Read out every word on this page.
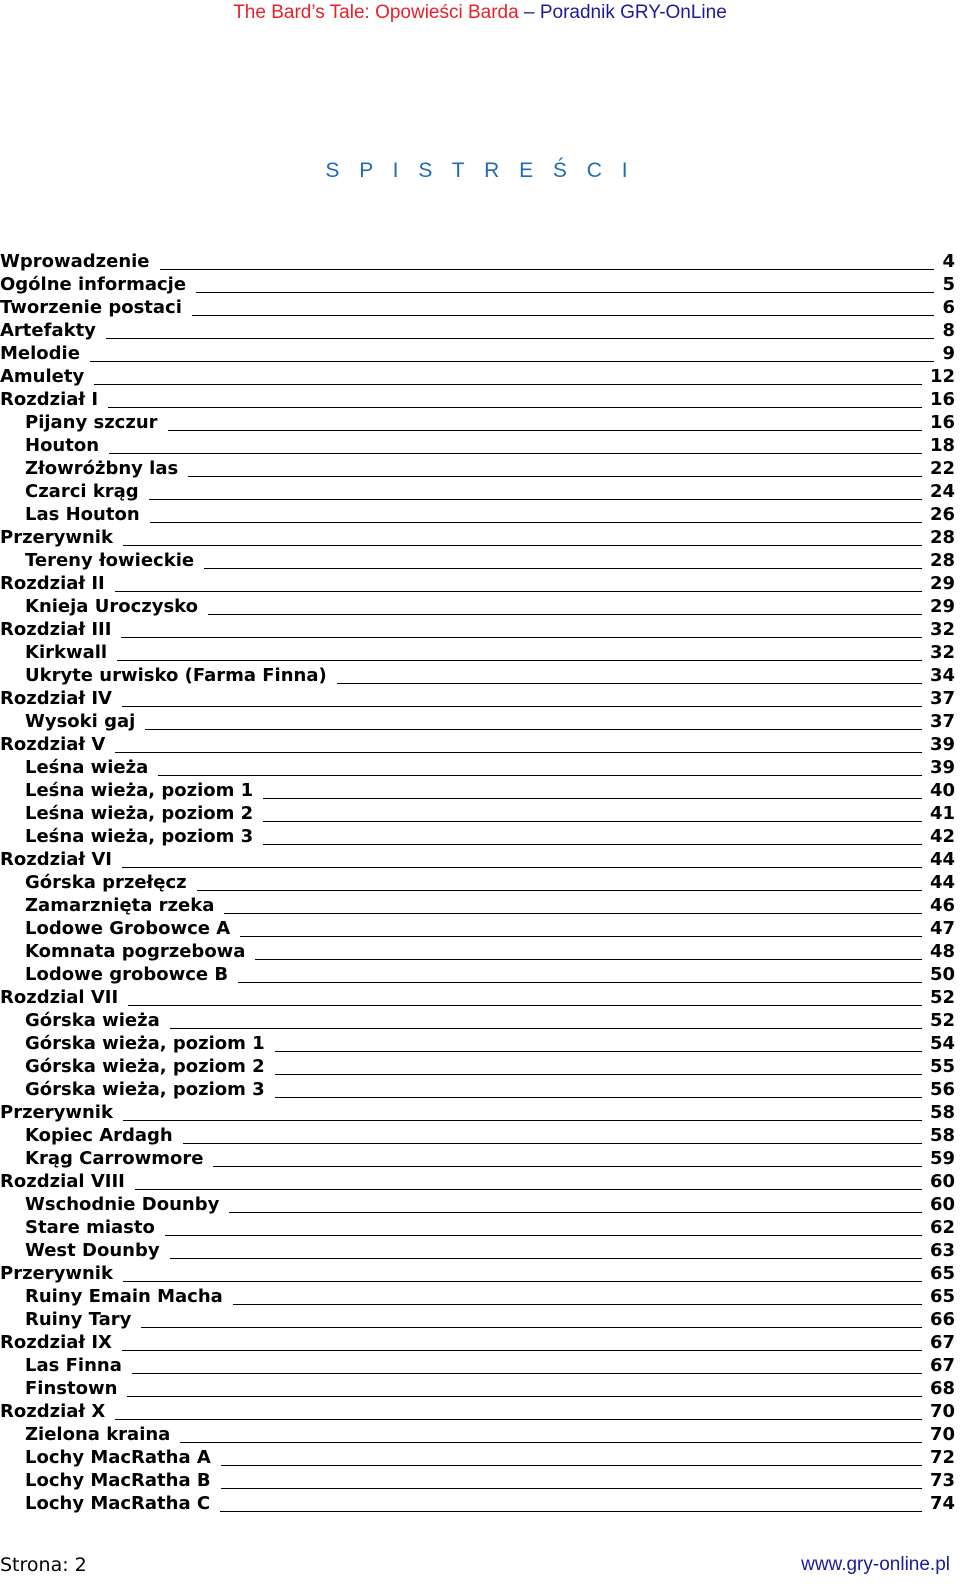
The Bard’s Tale: Opowieści Barda – Poradnik GRY-OnLine
S P I S T R E Ś C I
Wprowadzenie	4
Ogólne informacje	5
Tworzenie postaci	6
Artefakty	8
Melodie	9
Amulety	12
Rozdział I	16
Pijany szczur	16
Houton	18
Złowróżbny las	22
Czarci krąg	24
Las Houton	26
Przerywnik	28
Tereny łowieckie	28
Rozdział II	29
Knieja Uroczysko	29
Rozdział III	32
Kirkwall	32
Ukryte urwisko (Farma Finna)	34
Rozdział IV	37
Wysoki gaj	37
Rozdział V	39
Leśna wieża	39
Leśna wieża, poziom 1	40
Leśna wieża, poziom 2	41
Leśna wieża, poziom 3	42
Rozdział VI	44
Górska przełęcz	44
Zamarznięta rzeka	46
Lodowe Grobowce A	47
Komnata pogrzebowa	48
Lodowe grobowce B	50
Rozdzial VII	52
Górska wieża	52
Górska wieża, poziom 1	54
Górska wieża, poziom 2	55
Górska wieża, poziom 3	56
Przerywnik	58
Kopiec Ardagh	58
Krąg Carrowmore	59
Rozdzial VIII	60
Wschodnie Dounby	60
Stare miasto	62
West Dounby	63
Przerywnik	65
Ruiny Emain Macha	65
Ruiny Tary	66
Rozdział IX	67
Las Finna	67
Finstown	68
Rozdział X	70
Zielona kraina	70
Lochy MacRatha A	72
Lochy MacRatha B	73
Lochy MacRatha C	74
Strona: 2	www.gry-online.pl
